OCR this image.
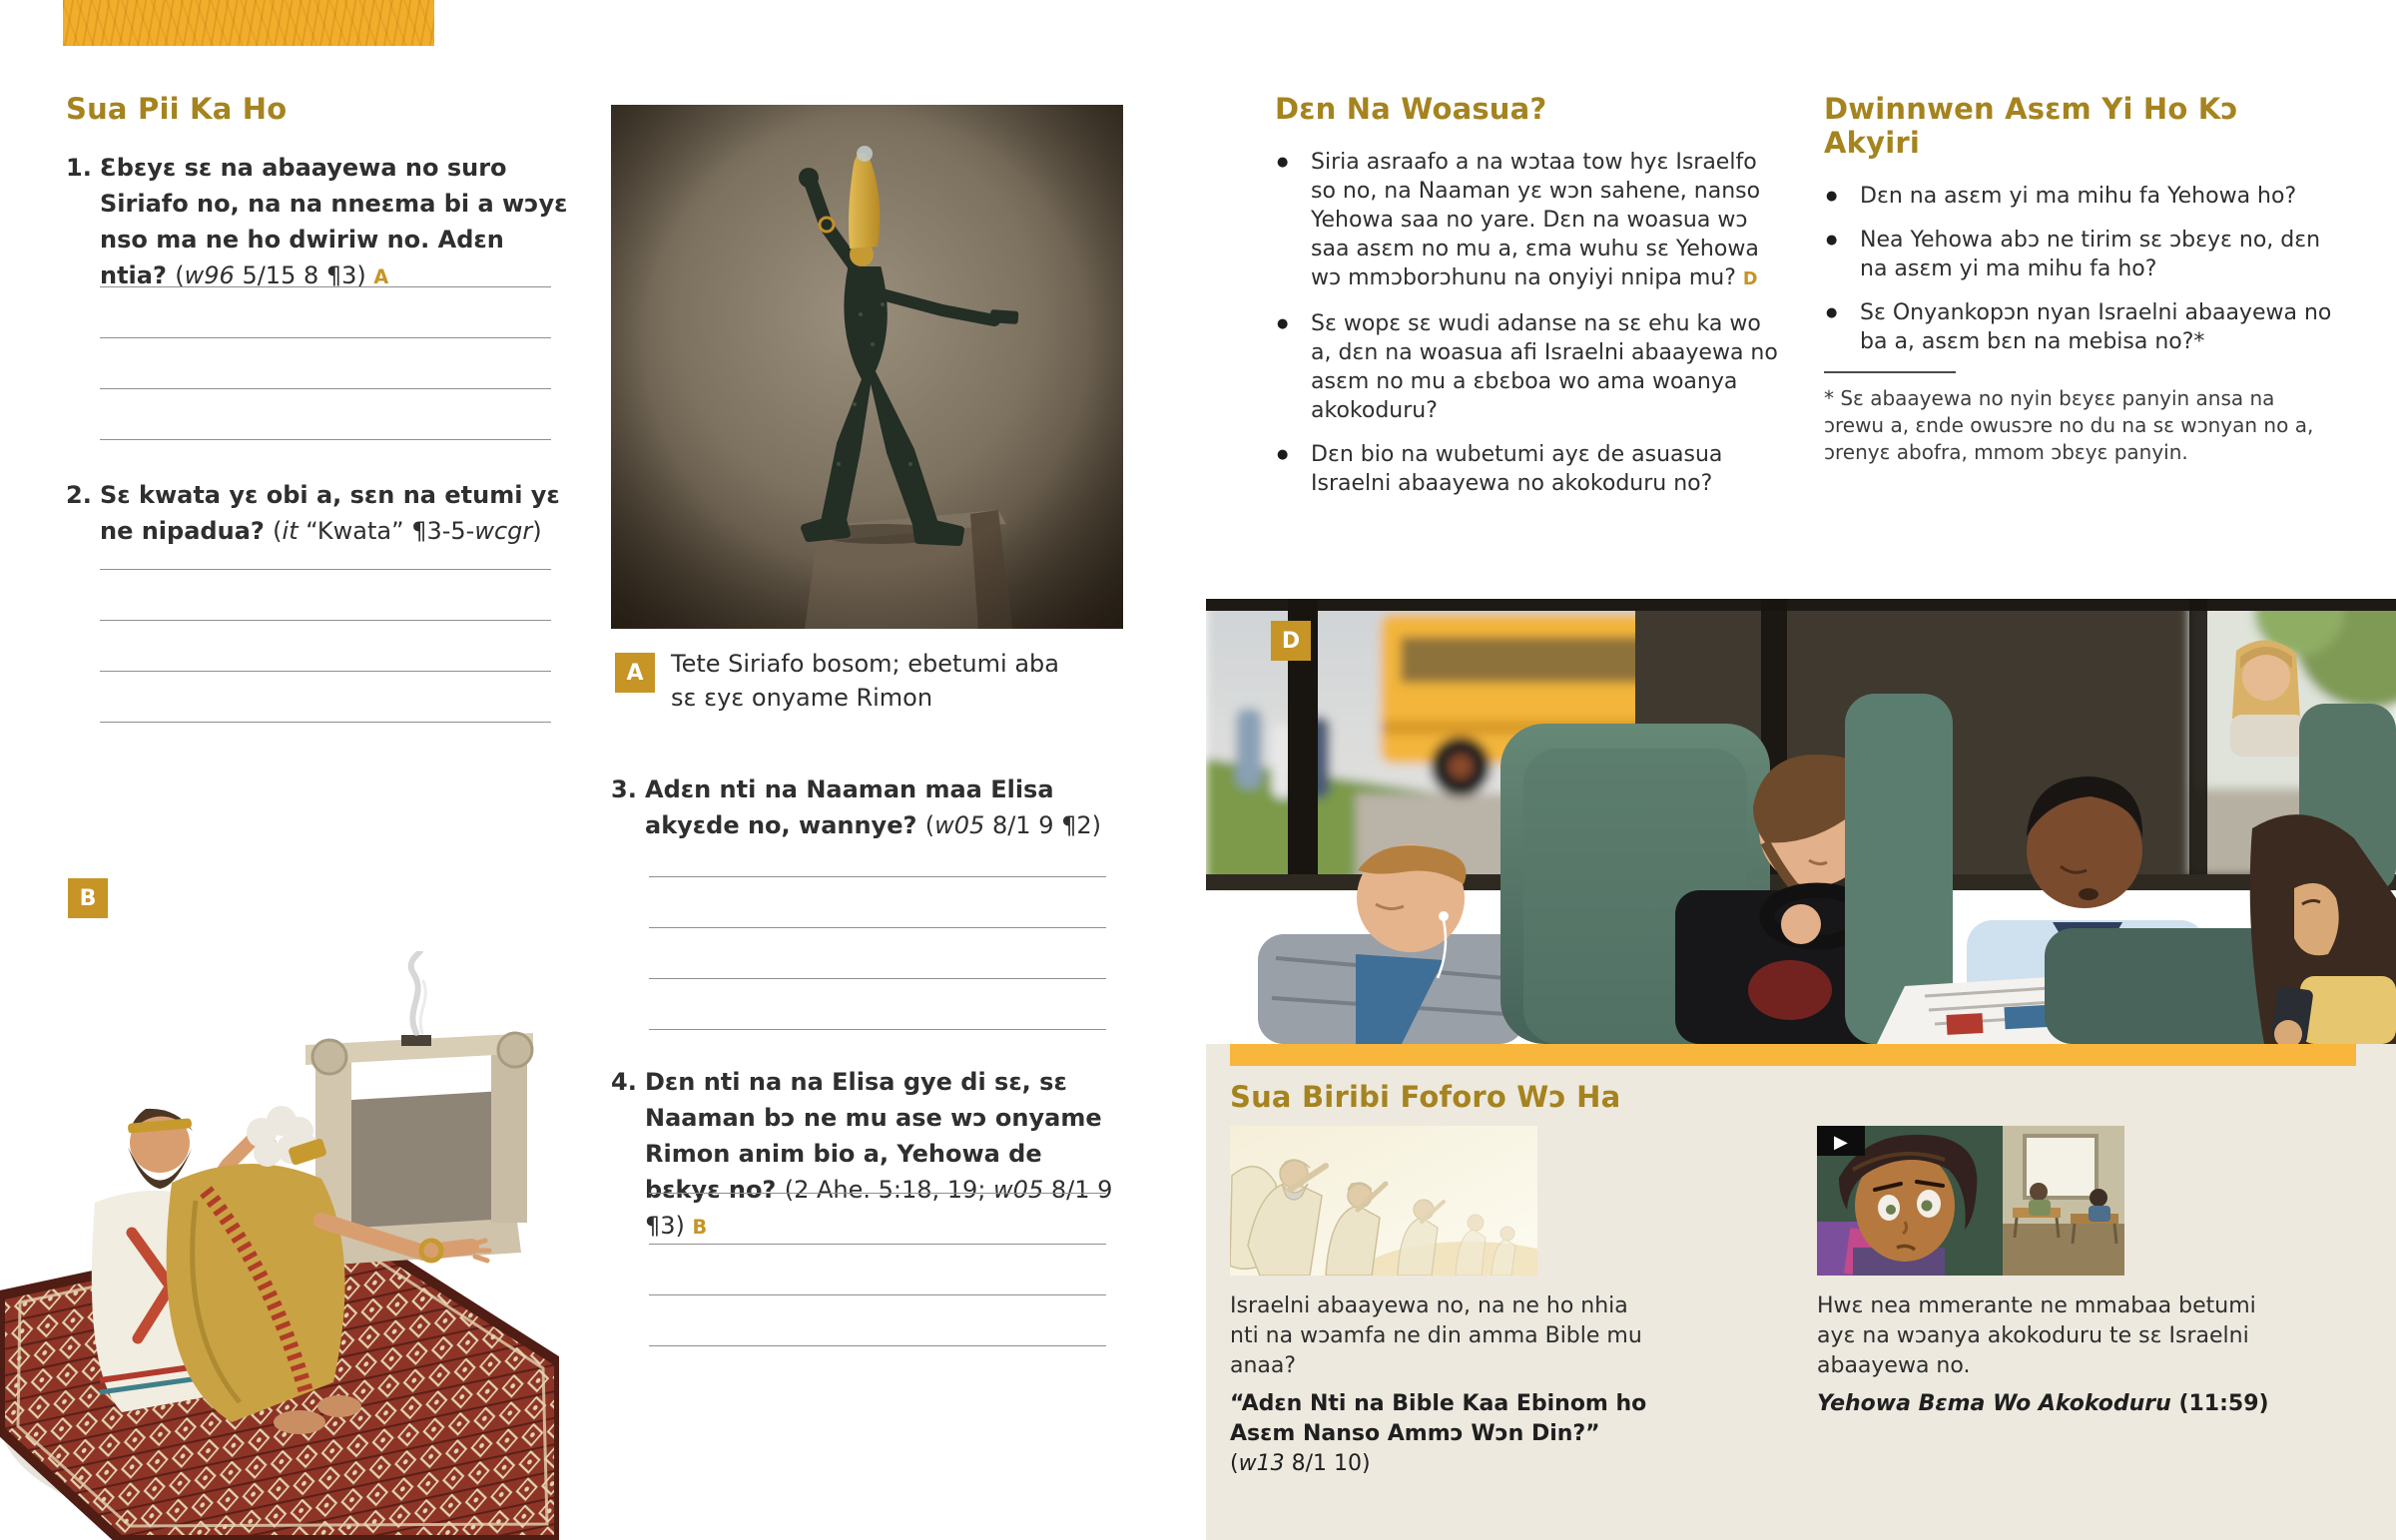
Sua Pii Ka Ho
1. Ɛbɛyɛ sɛ na abaayewa no suro Siriafo no, na na nneɛma bi a wɔyɛ nso ma ne ho dwiriw no. Adɛn ntia? (w96 5/15 8 ¶3) A
2. Sɛ kwata yɛ obi a, sɛn na etumi yɛ ne nipadua? (it “Kwata” ¶3-5-wcgr)
B
A	Tete Siriafo bosom; ebetumi aba sɛ ɛyɛ onyame Rimon
3. Adɛn nti na Naaman maa Elisa akyɛde no, wannye? (w05 8/1 9 ¶2)
4. Dɛn nti na na Elisa gye di sɛ, sɛ Naaman bɔ ne mu ase wɔ onyame Rimon anim bio a, Yehowa de bɛkyɛ no? (2 Ahe. 5:18, 19; w05 8/1 9 ¶3) B
Dɛn Na Woasua?
● Siria asraafo a na wɔtaa tow hyɛ Israelfo so no, na Naaman yɛ wɔn sahene, nanso Yehowa saa no yare. Dɛn na woasua wɔ saa asɛm no mu a, ɛma wuhu sɛ Yehowa wɔ mmɔborɔhunu na onyiyi nnipa mu? D
● Sɛ wopɛ sɛ wudi adanse na sɛ ehu ka wo a, dɛn na woasua afi Israelni abaayewa no asɛm no mu a ɛbɛboa wo ama woanya akokoduru?
● Dɛn bio na wubetumi ayɛ de asuasua Israelni abaayewa no akokoduru no?
Dwinnwen Asɛm Yi Ho Kɔ Akyiri
● Dɛn na asɛm yi ma mihu fa Yehowa ho?
● Nea Yehowa abɔ ne tirim sɛ ɔbɛyɛ no, dɛn na asɛm yi ma mihu fa ho?
● Sɛ Onyankopɔn nyan Israelni abaayewa no ba a, asɛm bɛn na mebisa no?*
* Sɛ abaayewa no nyin bɛyɛɛ panyin ansa na ɔrewu a, ɛnde owusɔre no du na sɛ wɔnyan no a, ɔrenyɛ abofra, mmom ɔbɛyɛ panyin.
D
Sua Biribi Foforo Wɔ Ha
Israelni abaayewa no, na ne ho nhia nti na wɔamfa ne din amma Bible mu anaa?
“Adɛn Nti na Bible Kaa Ebinom ho Asɛm Nanso Ammɔ Wɔn Din?” (w13 8/1 10)
▶
Hwɛ nea mmerante ne mmabaa betumi ayɛ na wɔanya akokoduru te sɛ Israelni abaayewa no.
Yehowa Bɛma Wo Akokoduru (11:59)
